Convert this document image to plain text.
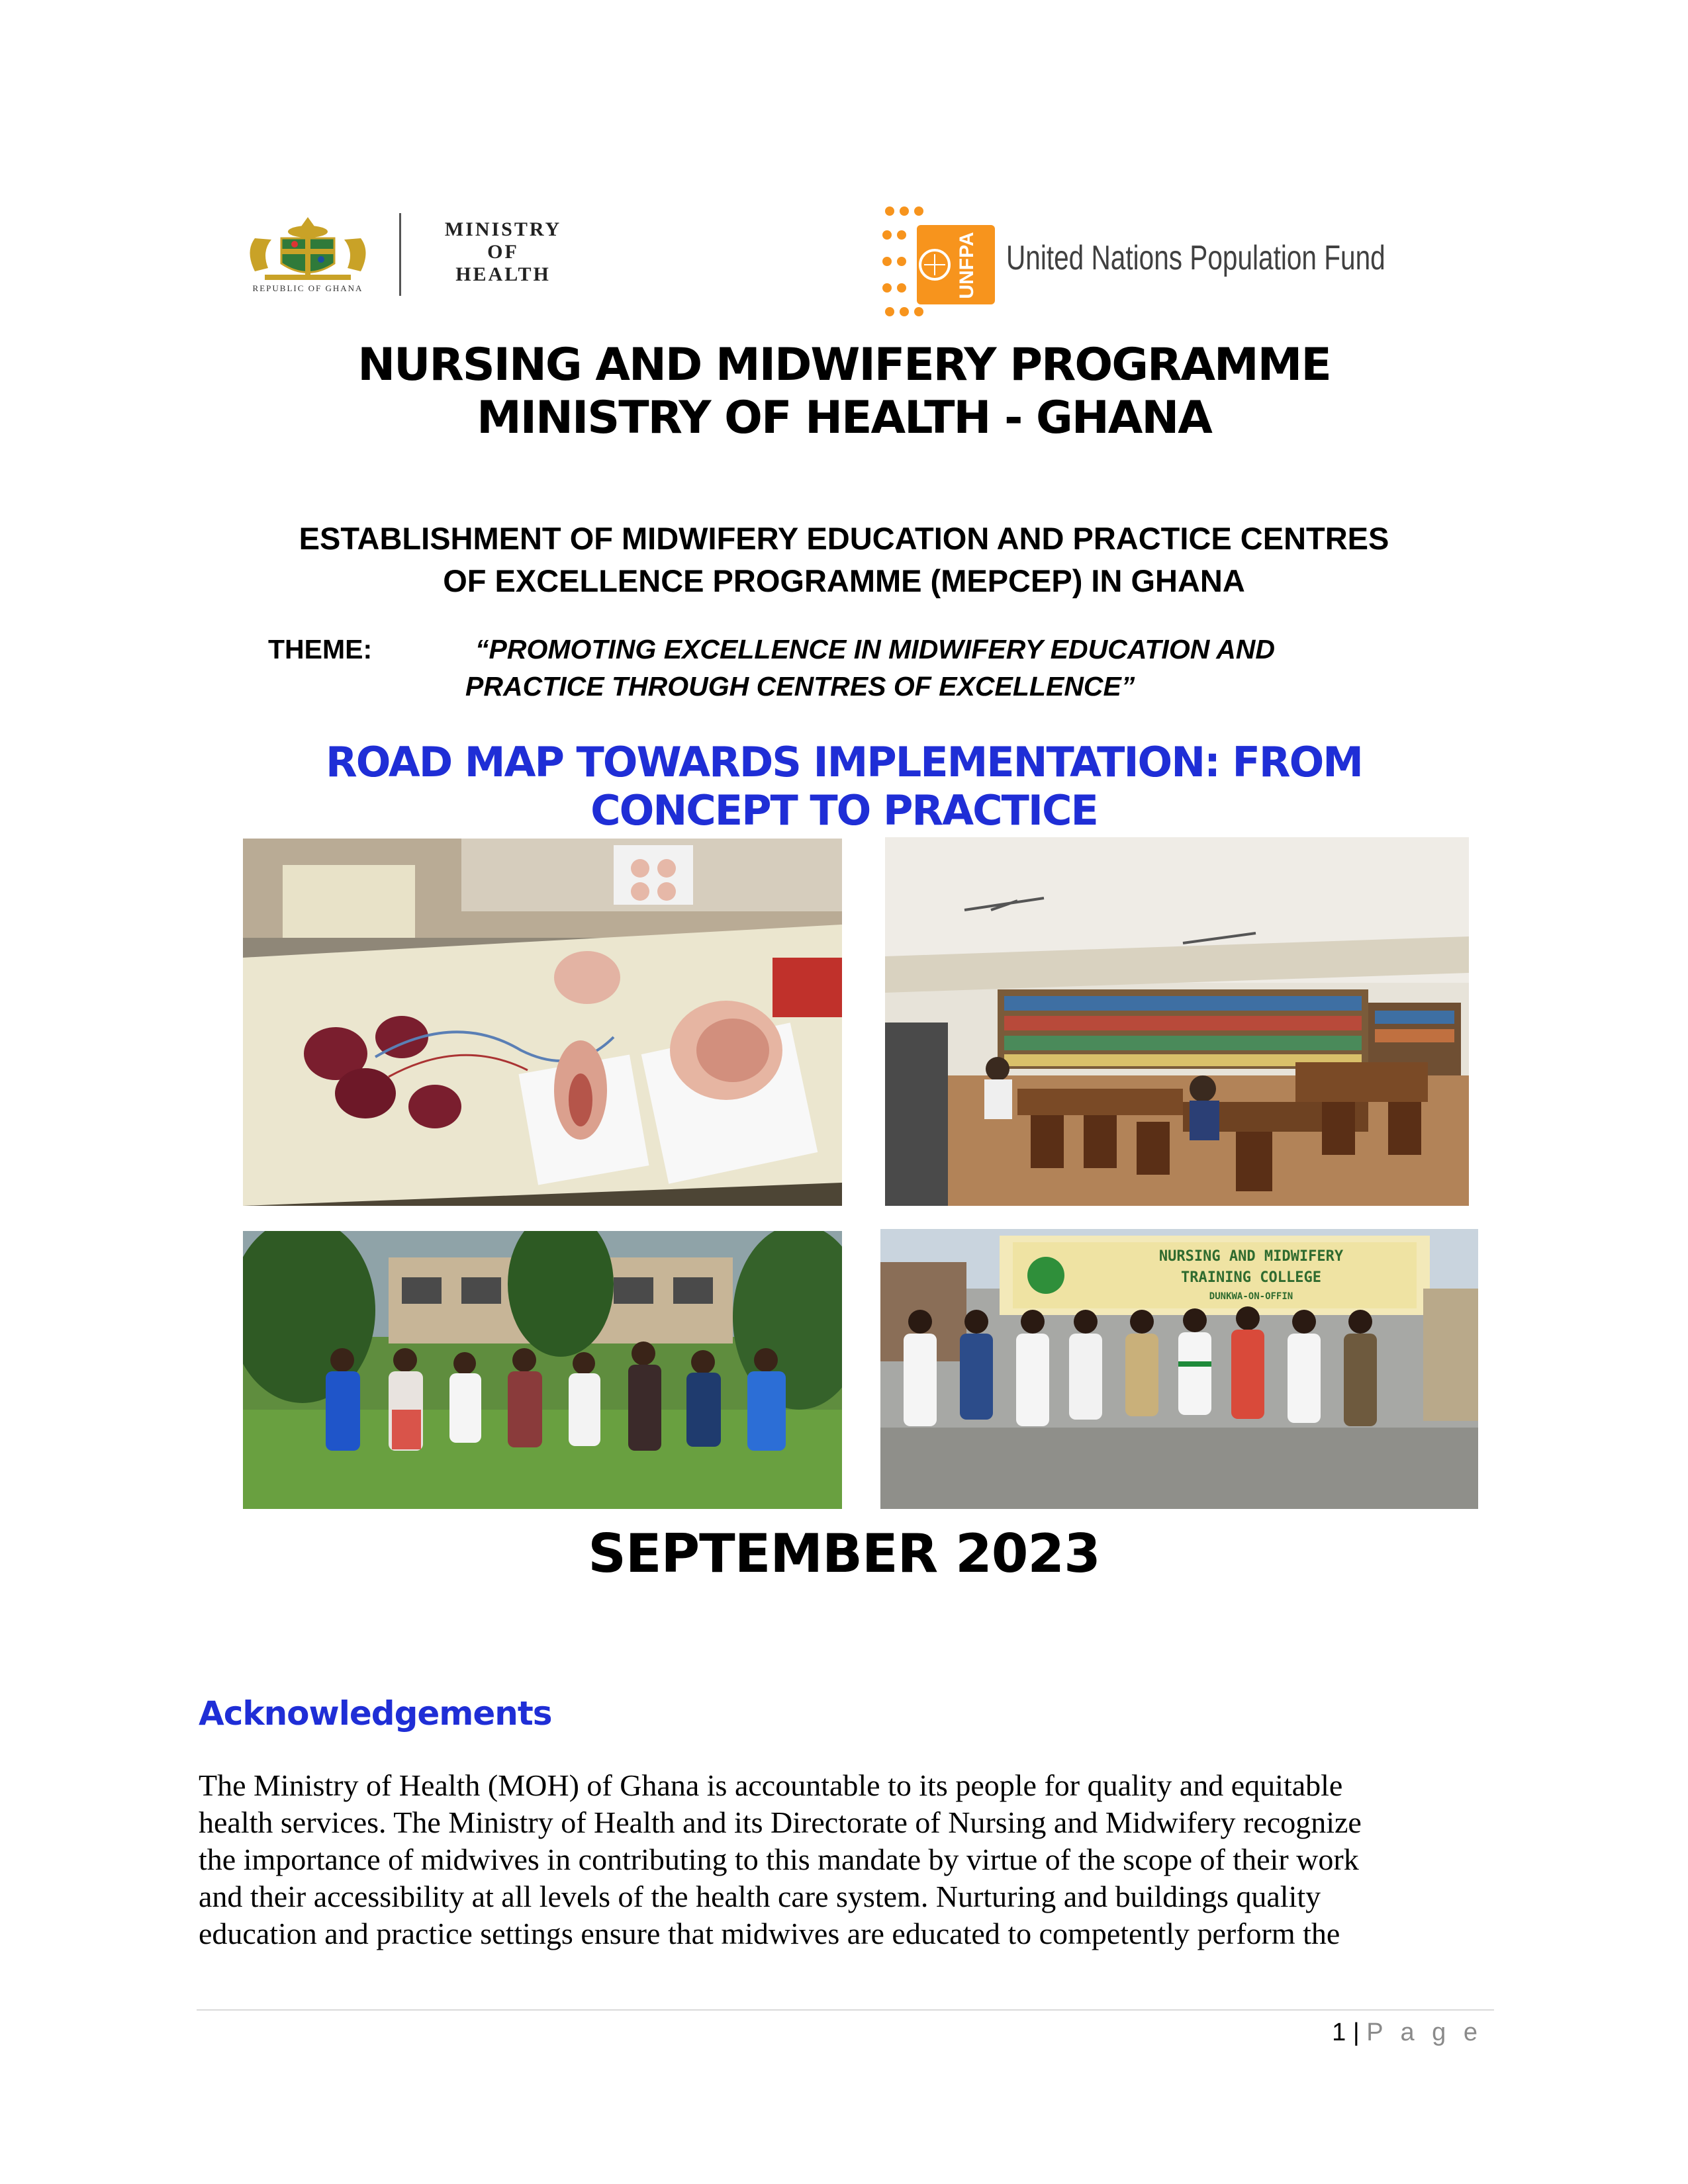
REPUBLIC OF GHANA
MINISTRY
OF
HEALTH	UNFPA United Nations Population Fund
NURSING AND MIDWIFERY PROGRAMME
MINISTRY OF HEALTH - GHANA
ESTABLISHMENT OF MIDWIFERY EDUCATION AND PRACTICE CENTRES
OF EXCELLENCE PROGRAMME (MEPCEP) IN GHANA
THEME:	“PROMOTING EXCELLENCE IN MIDWIFERY EDUCATION AND
PRACTICE THROUGH CENTRES OF EXCELLENCE”
ROAD MAP TOWARDS IMPLEMENTATION: FROM
CONCEPT TO PRACTICE
NURSING AND MIDWIFERY
TRAINING COLLEGE
DUNKWA-ON-OFFIN
SEPTEMBER 2023
Acknowledgements

The Ministry of Health (MOH) of Ghana is accountable to its people for quality and equitable

health services. The Ministry of Health and its Directorate of Nursing and Midwifery recognize

the importance of midwives in contributing to this mandate by virtue of the scope of their work

and their accessibility at all levels of the health care system. Nurturing and buildings quality

education and practice settings ensure that midwives are educated to competently perform the

1 | P a g e
